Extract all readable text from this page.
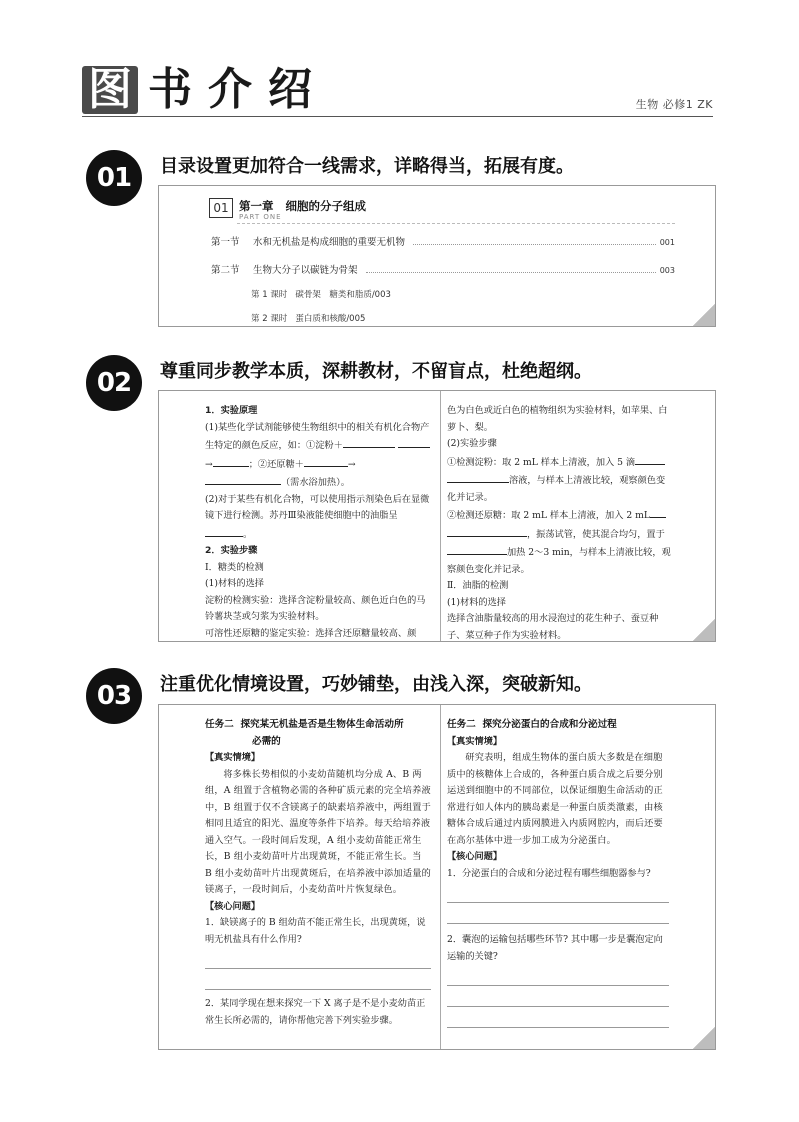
图 书 介 绍	生物 必修1 ZK
01	目录设置更加符合一线需求，详略得当，拓展有度。
01 第一章 细胞的分子组成
PART ONE
第一节	水和无机盐是构成细胞的重要无机物	001
第二节	生物大分子以碳链为骨架	003
第 1 课时 碳骨架　糖类和脂质/003
第 2 课时 蛋白质和核酸/005
02	尊重同步教学本质，深耕教材，不留盲点，杜绝超纲。

1．实验原理

(1)某些化学试剂能够使生物组织中的相关有机化合物产生特定的颜色反应，如：①淀粉＋ →	；②还原糖＋	→ （需水浴加热）。

(2)对于某些有机化合物，可以使用指示剂染色后在显微镜下进行检测。苏丹Ⅲ染液能使细胞中的油脂呈。

2．实验步骤

Ⅰ．糖类的检测

(1)材料的选择

淀粉的检测实验：选择含淀粉量较高、颜色近白色的马铃薯块茎或匀浆为实验材料。

可溶性还原糖的鉴定实验：选择含还原糖量较高、颜

色为白色或近白色的植物组织为实验材料，如苹果、白萝卜、梨。

(2)实验步骤

①检测淀粉：取 2 mL 样本上清液，加入 5 滴 溶液，与样本上清液比较，观察颜色变化并记录。

②检测还原糖：取 2 mL 样本上清液，加入 2 mL ，振荡试管，使其混合均匀，置于 加热 2～3 min，与样本上清液比较，观察颜色变化并记录。

Ⅱ．油脂的检测

(1)材料的选择

选择含油脂量较高的用水浸泡过的花生种子、蚕豆种子、菜豆种子作为实验材料。

03	注重优化情境设置，巧妙铺垫，由浅入深，突破新知。
任务二 探究某无机盐是否是生物体生命活动所
必需的

【真实情境】

将多株长势相似的小麦幼苗随机均分成 A、B 两组，A 组置于含植物必需的各种矿质元素的完全培养液中，B 组置于仅不含镁离子的缺素培养液中，两组置于相同且适宜的阳光、温度等条件下培养。每天给培养液通入空气。一段时间后发现，A 组小麦幼苗能正常生长，B 组小麦幼苗叶片出现黄斑，不能正常生长。当 B 组小麦幼苗叶片出现黄斑后，在培养液中添加适量的镁离子，一段时间后，小麦幼苗叶片恢复绿色。

【核心问题】

1．缺镁离子的 B 组幼苗不能正常生长，出现黄斑，说明无机盐具有什么作用?

2．某同学现在想来探究一下 X 离子是不是小麦幼苗正常生长所必需的，请你帮他完善下列实验步骤。

任务二 探究分泌蛋白的合成和分泌过程

【真实情境】

研究表明，组成生物体的蛋白质大多数是在细胞质中的核糖体上合成的，各种蛋白质合成之后要分别运送到细胞中的不同部位，以保证细胞生命活动的正常进行如人体内的胰岛素是一种蛋白质类激素，由核糖体合成后通过内质网膜进入内质网腔内，而后还要在高尔基体中进一步加工成为分泌蛋白。

【核心问题】

1．分泌蛋白的合成和分泌过程有哪些细胞器参与?

2．囊泡的运输包括哪些环节? 其中哪一步是囊泡定向运输的关键?
